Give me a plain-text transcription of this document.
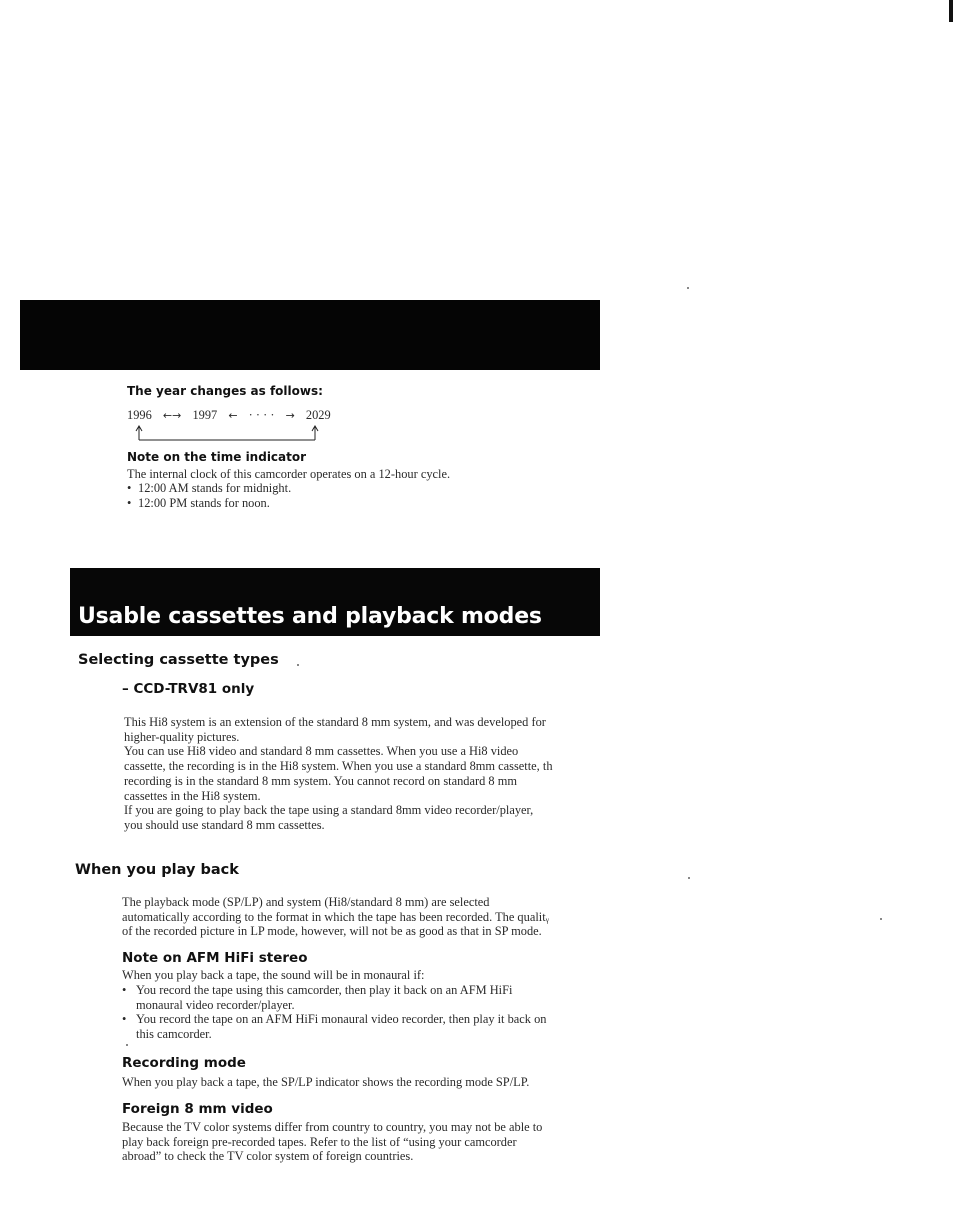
The year changes as follows:

1996 ←→ 1997 ← · · · · → 2029

Note on the time indicator

The internal clock of this camcorder operates on a 12-hour cycle.

• 12:00 AM stands for midnight.
• 12:00 PM stands for noon.
Usable cassettes and playback modes

Selecting cassette types

– CCD-TRV81 only

This Hi8 system is an extension of the standard 8 mm system, and was developed for

higher-quality pictures.

You can use Hi8 video and standard 8 mm cassettes. When you use a Hi8 video

cassette, the recording is in the Hi8 system. When you use a standard 8mm cassette, th

recording is in the standard 8 mm system. You cannot record on standard 8 mm

cassettes in the Hi8 system.

If you are going to play back the tape using a standard 8mm video recorder/player,

you should use standard 8 mm cassettes.

When you play back

The playback mode (SP/LP) and system (Hi8/standard 8 mm) are selected

automatically according to the format in which the tape has been recorded. The qualitᵧ

of the recorded picture in LP mode, however, will not be as good as that in SP mode.

Note on AFM HiFi stereo

When you play back a tape, the sound will be in monaural if:

• You record the tape using this camcorder, then play it back on an AFM HiFi
monaural video recorder/player.
• You record the tape on an AFM HiFi monaural video recorder, then play it back on
this camcorder.

Recording mode

When you play back a tape, the SP/LP indicator shows the recording mode SP/LP.

Foreign 8 mm video

Because the TV color systems differ from country to country, you may not be able to

play back foreign pre-recorded tapes. Refer to the list of “using your camcorder

abroad” to check the TV color system of foreign countries.
